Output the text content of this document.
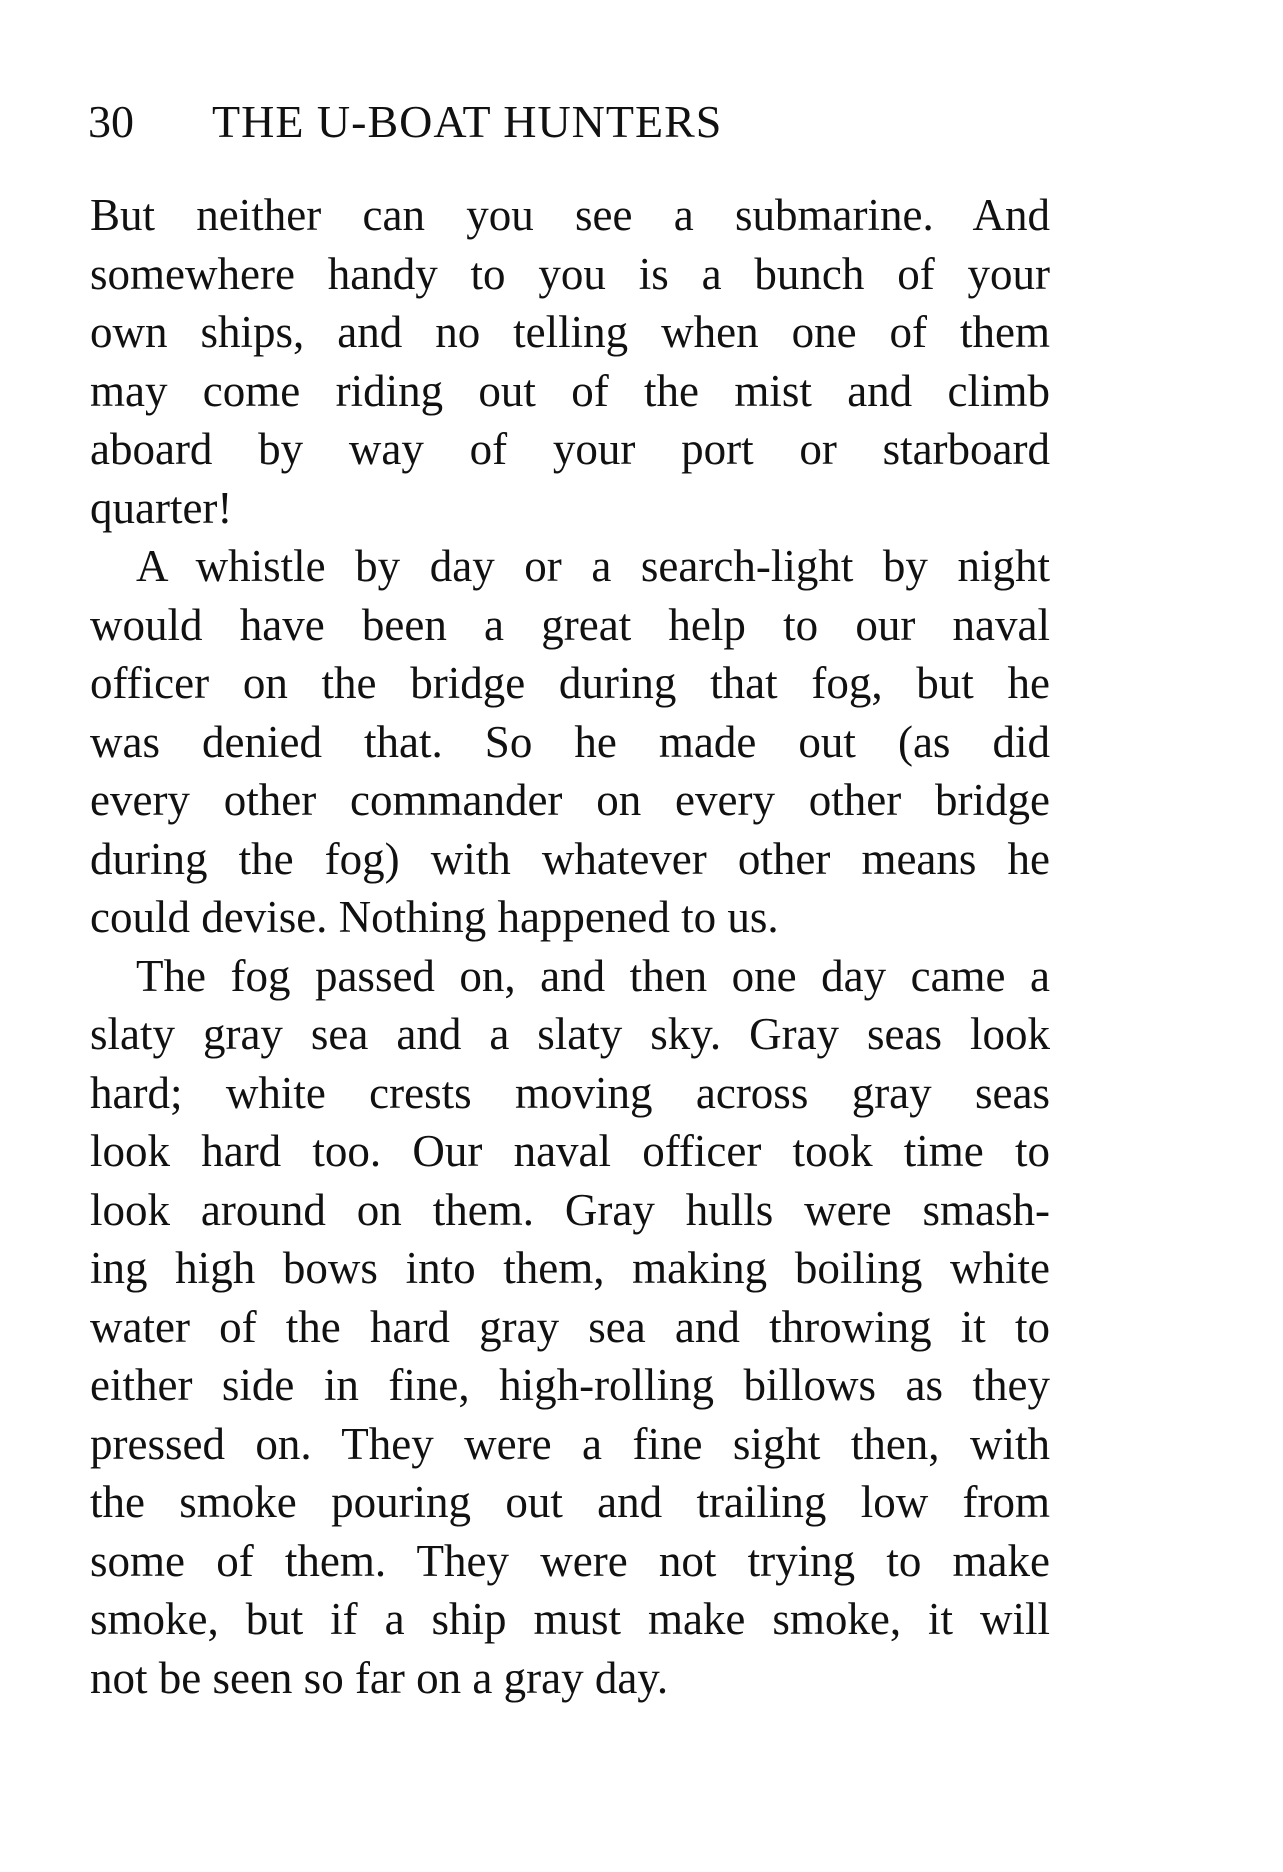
30 THE U-BOAT HUNTERS
But neither can you see a submarine. And
somewhere handy to you is a bunch of your
own ships, and no telling when one of them
may come riding out of the mist and climb
aboard by way of your port or starboard
quarter!
A whistle by day or a search-light by night
would have been a great help to our naval
officer on the bridge during that fog, but he
was denied that. So he made out (as did
every other commander on every other bridge
during the fog) with whatever other means he
could devise. Nothing happened to us.
The fog passed on, and then one day came a
slaty gray sea and a slaty sky. Gray seas look
hard; white crests moving across gray seas
look hard too. Our naval officer took time to
look around on them. Gray hulls were smash-
ing high bows into them, making boiling white
water of the hard gray sea and throwing it to
either side in fine, high-rolling billows as they
pressed on. They were a fine sight then, with
the smoke pouring out and trailing low from
some of them. They were not trying to make
smoke, but if a ship must make smoke, it will
not be seen so far on a gray day.
